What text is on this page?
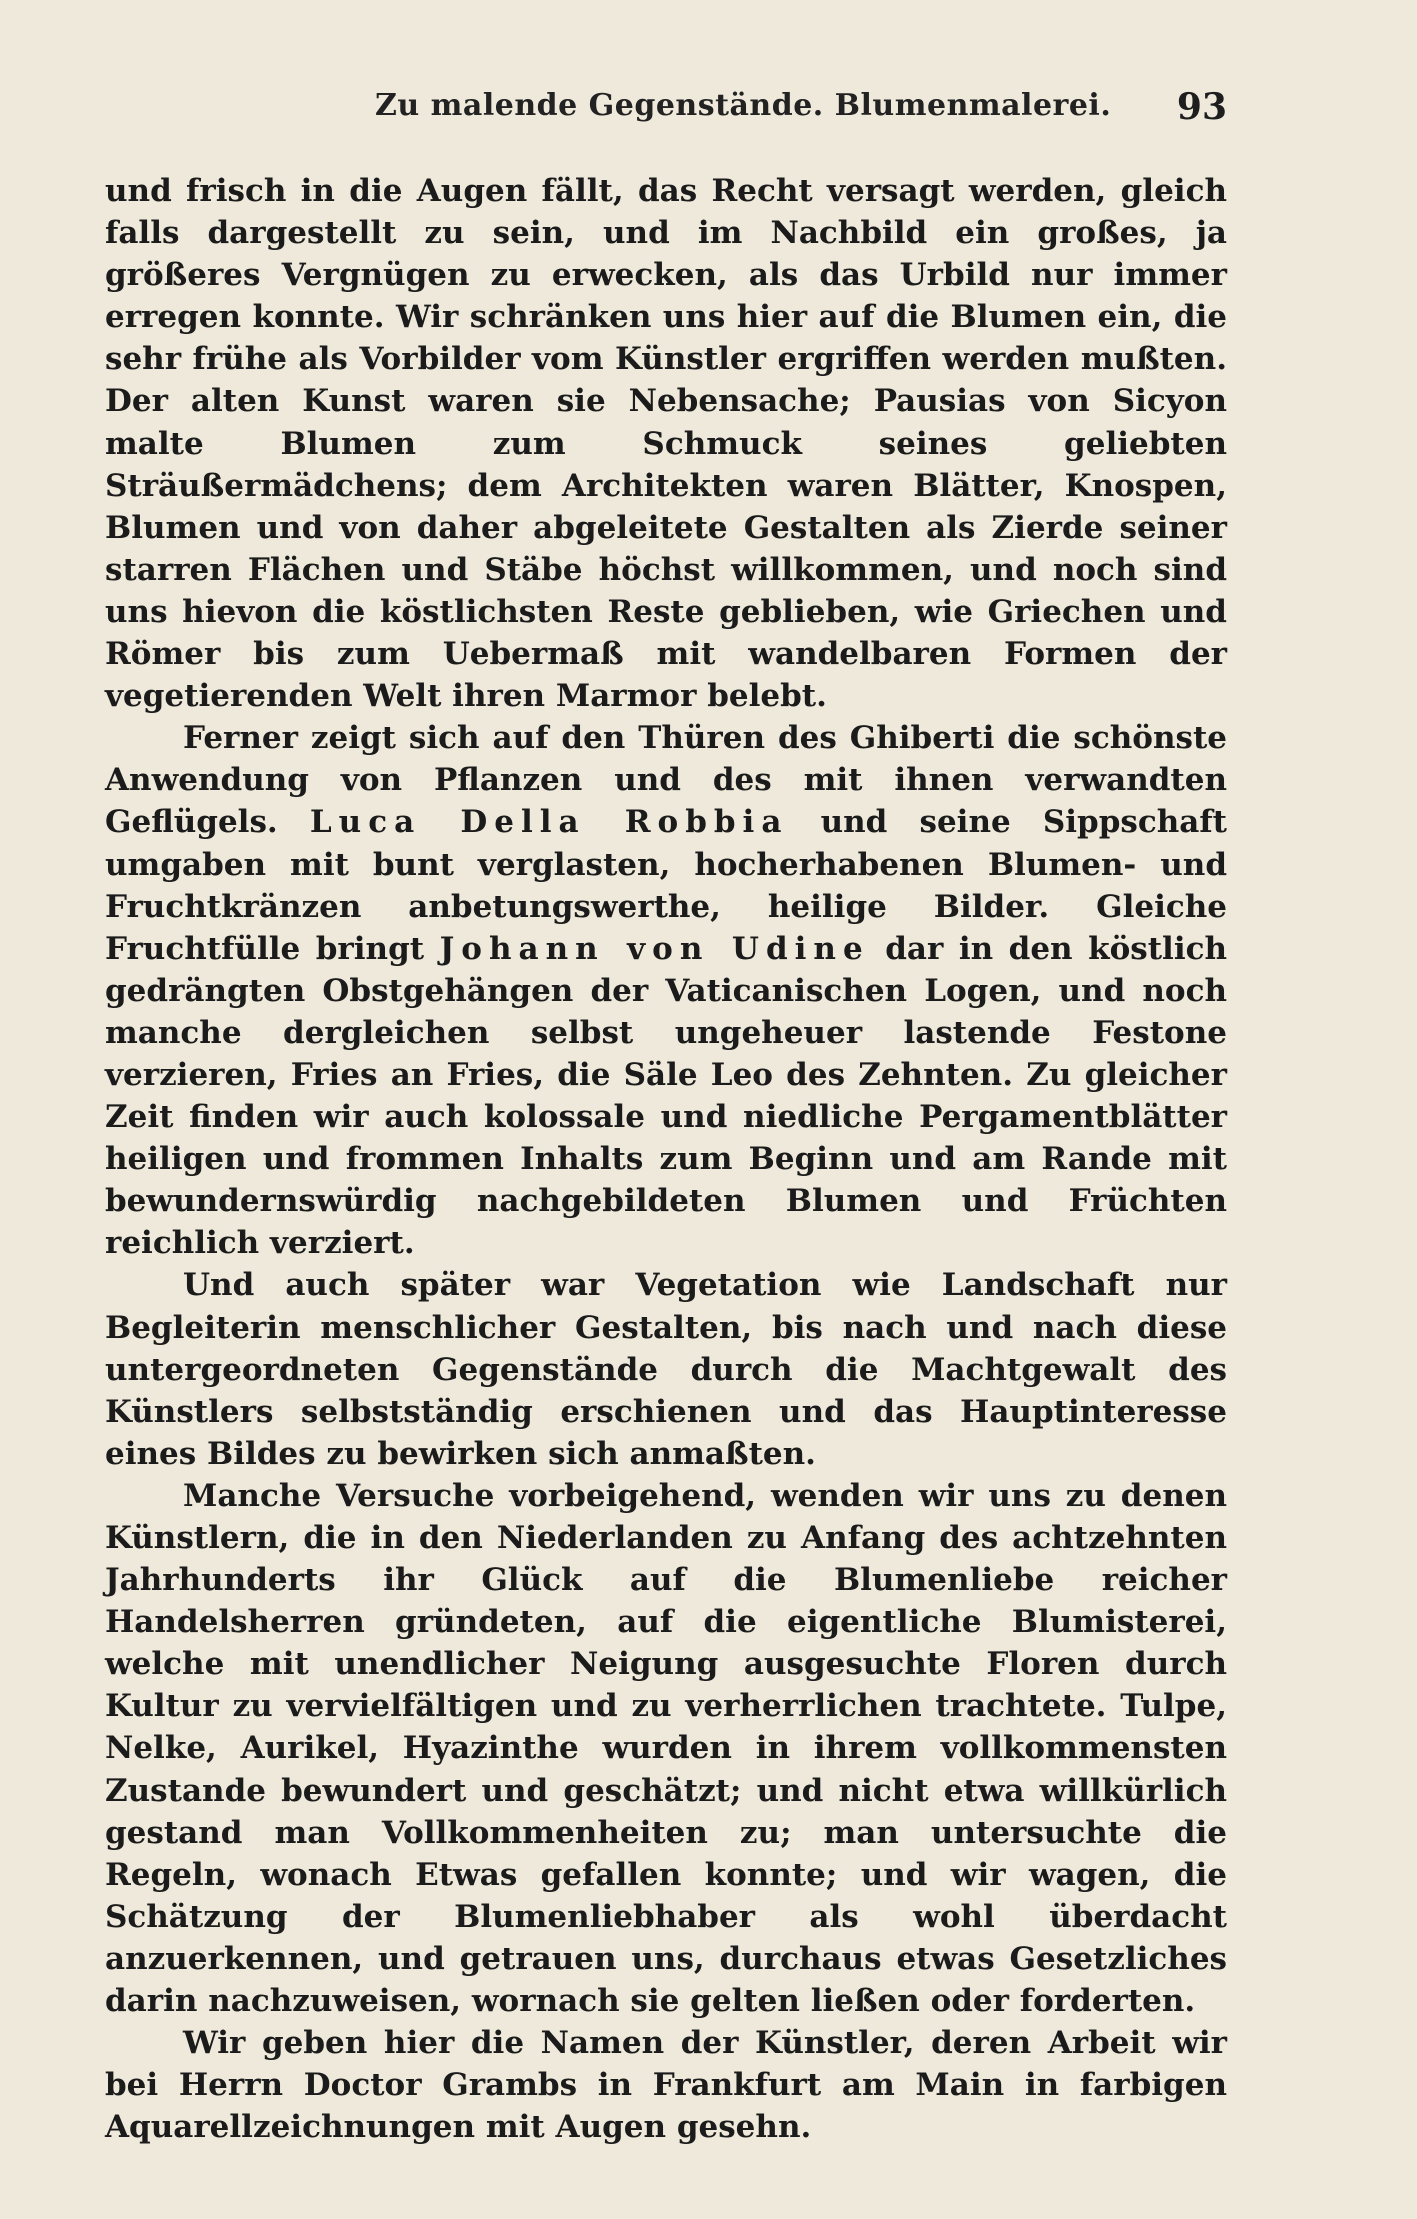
Zu malende Gegenstände. Blumenmalerei. 93

und frisch in die Augen fällt, das Recht versagt werden, gleich falls dargestellt zu sein, und im Nachbild ein großes, ja größeres Vergnügen zu erwecken, als das Urbild nur immer erregen konnte. Wir schränken uns hier auf die Blumen ein, die sehr frühe als Vorbilder vom Künstler ergriffen werden mußten. Der alten Kunst waren sie Nebensache; Pausias von Sicyon malte Blumen zum Schmuck seines geliebten Sträußermädchens; dem Architekten waren Blätter, Knospen, Blumen und von daher abgeleitete Gestalten als Zierde seiner starren Flächen und Stäbe höchst willkommen, und noch sind uns hievon die köstlichsten Reste geblieben, wie Griechen und Römer bis zum Uebermaß mit wandelbaren Formen der vegetierenden Welt ihren Marmor belebt.

Ferner zeigt sich auf den Thüren des Ghiberti die schönste Anwendung von Pflanzen und des mit ihnen verwandten Geflügels. Luca Della Robbia und seine Sippschaft umgaben mit bunt verglasten, hocherhabenen Blumen- und Fruchtkränzen anbetungswerthe, heilige Bilder. Gleiche Fruchtfülle bringt Johann von Udine dar in den köstlich gedrängten Obstgehängen der Vaticanischen Logen, und noch manche dergleichen selbst ungeheuer lastende Festone verzieren, Fries an Fries, die Säle Leo des Zehnten. Zu gleicher Zeit finden wir auch kolossale und niedliche Pergamentblätter heiligen und frommen Inhalts zum Beginn und am Rande mit bewundernswürdig nachgebildeten Blumen und Früchten reichlich verziert.

Und auch später war Vegetation wie Landschaft nur Begleiterin menschlicher Gestalten, bis nach und nach diese untergeordneten Gegenstände durch die Machtgewalt des Künstlers selbstständig erschienen und das Hauptinteresse eines Bildes zu bewirken sich anmaßten.

Manche Versuche vorbeigehend, wenden wir uns zu denen Künstlern, die in den Niederlanden zu Anfang des achtzehnten Jahrhunderts ihr Glück auf die Blumenliebe reicher Handelsherren gründeten, auf die eigentliche Blumisterei, welche mit unendlicher Neigung ausgesuchte Floren durch Kultur zu vervielfältigen und zu verherrlichen trachtete. Tulpe, Nelke, Aurikel, Hyazinthe wurden in ihrem vollkommensten Zustande bewundert und geschätzt; und nicht etwa willkürlich gestand man Vollkommenheiten zu; man untersuchte die Regeln, wonach Etwas gefallen konnte; und wir wagen, die Schätzung der Blumenliebhaber als wohl überdacht anzuerkennen, und getrauen uns, durchaus etwas Gesetzliches darin nachzuweisen, wornach sie gelten ließen oder forderten.

Wir geben hier die Namen der Künstler, deren Arbeit wir bei Herrn Doctor Grambs in Frankfurt am Main in farbigen Aquarellzeichnungen mit Augen gesehn.
